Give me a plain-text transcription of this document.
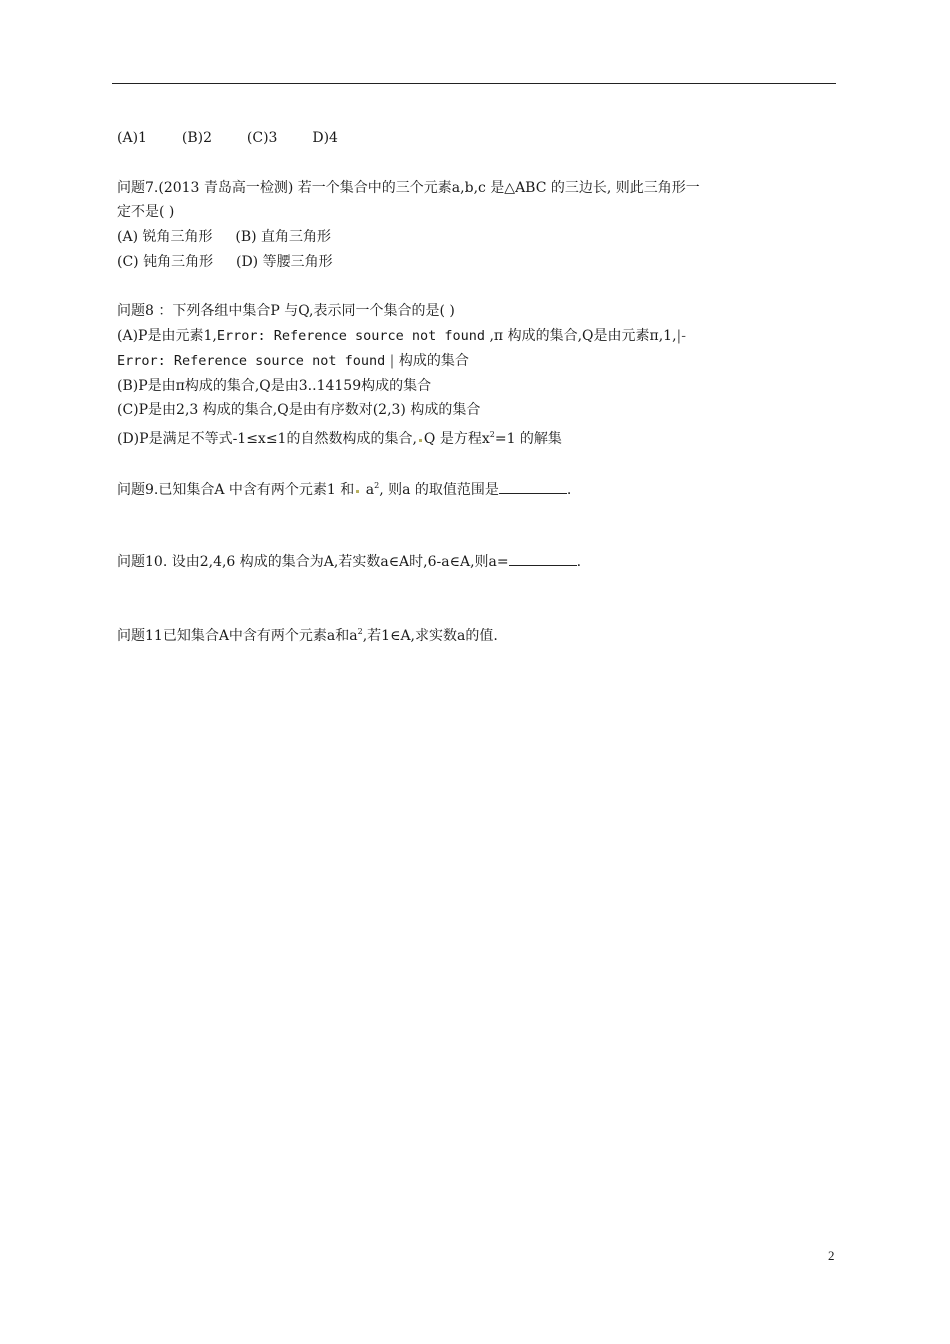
(A)1 (B)2 (C)3 D)4
问题7.(2013 青岛高一检测) 若一个集合中的三个元素a,b,c 是△ABC 的三边长, 则此三角形一
定不是( )
(A) 锐角三角形 (B) 直角三角形
(C) 钝角三角形 (D) 等腰三角形
问题8 ：下列各组中集合P 与Q,表示同一个集合的是( )
(A)P是由元素1,Error: Reference source not found ,π 构成的集合,Q是由元素π,1,|-
Error: Reference source not found | 构成的集合
(B)P是由π构成的集合,Q是由3..14159构成的集合
(C)P是由2,3 构成的集合,Q是由有序数对(2,3) 构成的集合
(D)P是满足不等式-1≤x≤1的自然数构成的集合, Q 是方程$x^2=1$ 的解集
问题9.已知集合A 中含有两个元素1 和 $a^2$, 则a 的取值范围是	.
问题10. 设由2,4,6 构成的集合为A,若实数a∈A时,6-a∈A,则a=	.
问题11已知集合A中含有两个元素a和$a^2$,若1∈A,求实数a的值.
2
